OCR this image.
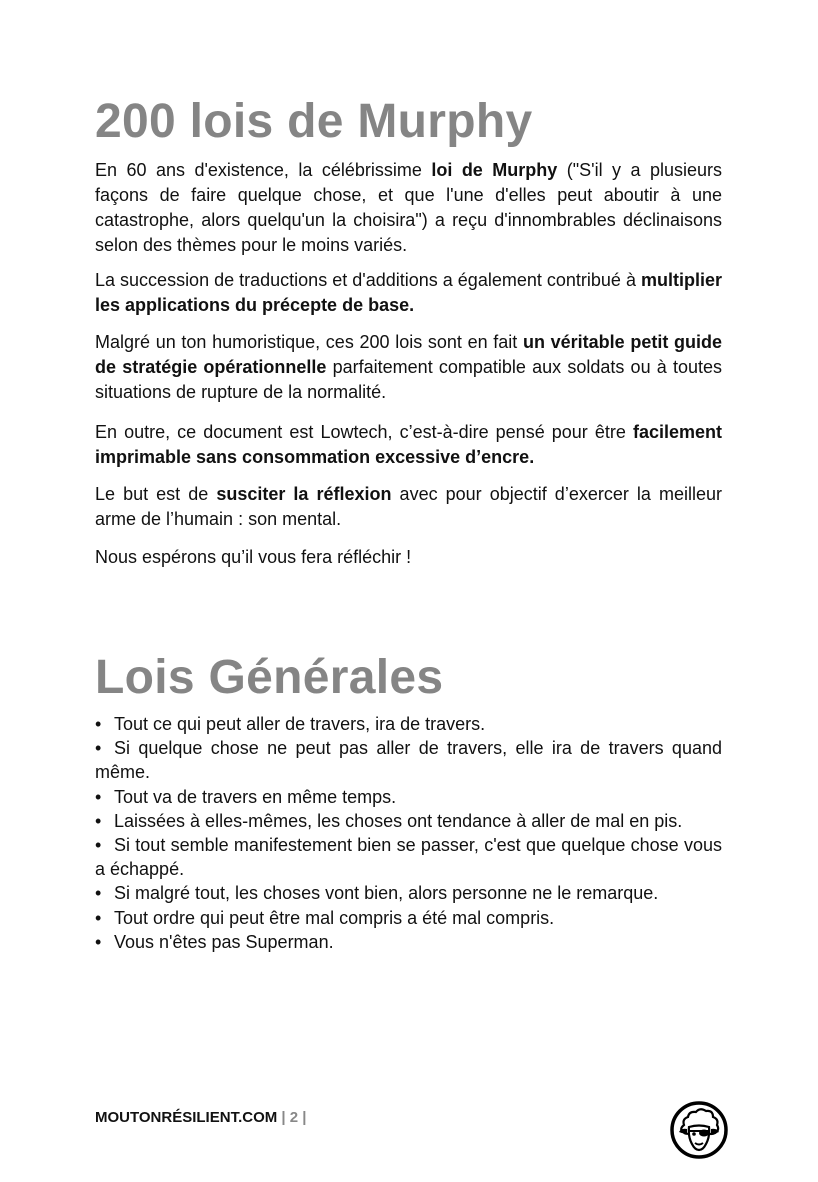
200 lois de Murphy

En 60 ans d'existence, la célébrissime loi de Murphy ("S'il y a plusieurs façons de faire quelque chose, et que l'une d'elles peut aboutir à une catastrophe, alors quelqu'un la choisira") a reçu d'innombrables déclinaisons selon des thèmes pour le moins variés.

La succession de traductions et d'additions a également contribué à multiplier les applications du précepte de base.

Malgré un ton humoristique, ces 200 lois sont en fait un véritable petit guide de stratégie opérationnelle parfaitement compatible aux soldats ou à toutes situations de rupture de la normalité.

En outre, ce document est Lowtech, c’est-à-dire pensé pour être facilement imprimable sans consommation excessive d’encre.

Le but est de susciter la réflexion avec pour objectif d’exercer la meilleur arme de l’humain : son mental.

Nous espérons qu’il vous fera réfléchir !

Lois Générales
• Tout ce qui peut aller de travers, ira de travers.
• Si quelque chose ne peut pas aller de travers, elle ira de travers quand même.
• Tout va de travers en même temps.
• Laissées à elles-mêmes, les choses ont tendance à aller de mal en pis.
• Si tout semble manifestement bien se passer, c'est que quelque chose vous a échappé.
• Si malgré tout, les choses vont bien, alors personne ne le remarque.
• Tout ordre qui peut être mal compris a été mal compris.
• Vous n'êtes pas Superman.
MOUTONRÉSILIENT.COM | 2 |
